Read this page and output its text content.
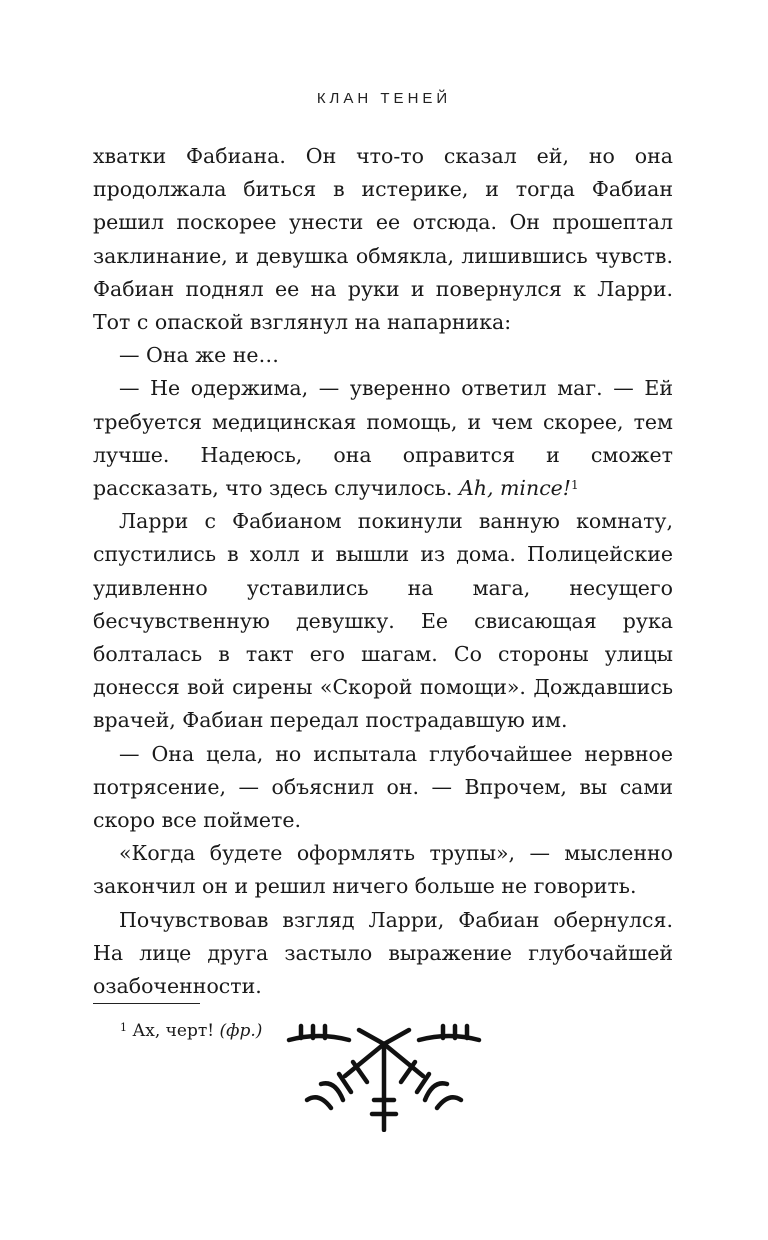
КЛАН ТЕНЕЙ

хватки Фабиана. Он что-то сказал ей, но она продолжала биться в истерике, и тогда Фабиан решил поскорее унести ее отсюда. Он прошептал заклинание, и девушка обмякла, лишившись чувств. Фабиан поднял ее на руки и повернулся к Ларри. Тот с опаской взглянул на напарника:

— Она же не…

— Не одержима, — уверенно ответил маг. — Ей требуется медицинская помощь, и чем скорее, тем лучше. Надеюсь, она оправится и сможет рассказать, что здесь случилось. Ah, mince!$^1$

Ларри с Фабианом покинули ванную комнату, спустились в холл и вышли из дома. Полицейские удивленно уставились на мага, несущего бесчувственную девушку. Ее свисающая рука болталась в такт его шагам. Со стороны улицы донесся вой сирены «Скорой помощи». Дождавшись врачей, Фабиан передал пострадавшую им.

— Она цела, но испытала глубочайшее нервное потрясение, — объяснил он. — Впрочем, вы сами скоро все поймете.

«Когда будете оформлять трупы», — мысленно закончил он и решил ничего больше не говорить.

Почувствовав взгляд Ларри, Фабиан обернулся. На лице друга застыло выражение глубочайшей озабоченности.

$^1$ Ах, черт! (фр.)
